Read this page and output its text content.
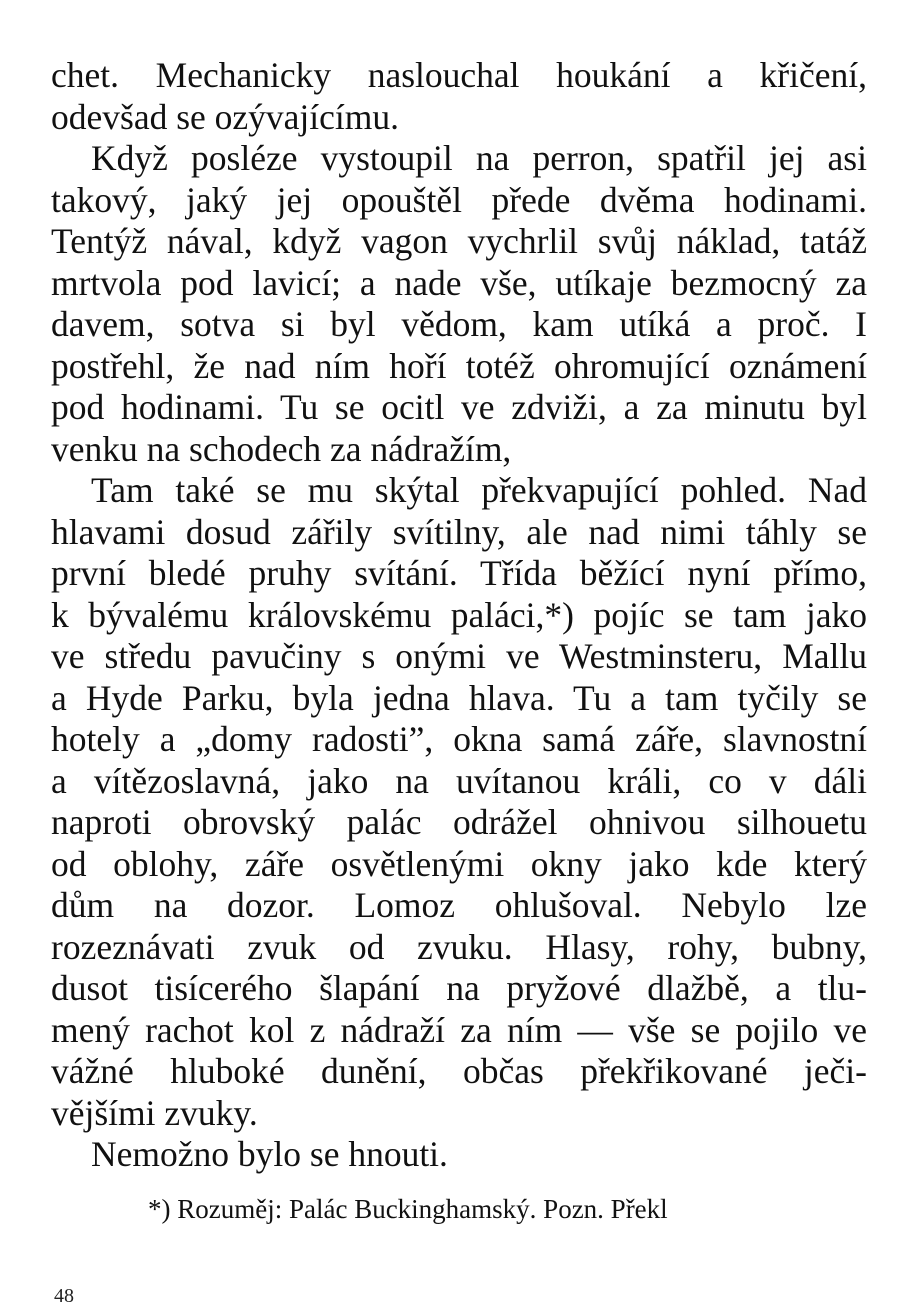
chet. Mechanicky naslouchal houkání a křičení,
odevšad se ozývajícímu.
Když posléze vystoupil na perron, spatřil jej asi
takový, jaký jej opouštěl přede dvěma hodinami.
Tentýž nával, když vagon vychrlil svůj náklad, tatáž
mrtvola pod lavicí; a nade vše, utíkaje bezmocný za
davem, sotva si byl vědom, kam utíká a proč. I
postřehl, že nad ním hoří totéž ohromující oznámení
pod hodinami. Tu se ocitl ve zdviži, a za minutu byl
venku na schodech za nádražím,
Tam také se mu skýtal překvapující pohled. Nad
hlavami dosud zářily svítilny, ale nad nimi táhly se
první bledé pruhy svítání. Třída běžící nyní přímo,
k bývalému královskému paláci,*) pojíc se tam jako
ve středu pavučiny s onými ve Westminsteru, Mallu
a Hyde Parku, byla jedna hlava. Tu a tam tyčily se
hotely a „domy radosti”, okna samá záře, slavnostní
a vítězoslavná, jako na uvítanou králi, co v dáli
naproti obrovský palác odrážel ohnivou silhouetu
od oblohy, záře osvětlenými okny jako kde který
dům na dozor. Lomoz ohlušoval. Nebylo lze
rozeznávati zvuk od zvuku. Hlasy, rohy, bubny,
dusot tisícerého šlapání na pryžové dlažbě, a tlu-
mený rachot kol z nádraží za ním — vše se pojilo ve
vážné hluboké dunění, občas překřikované ječi-
vějšími zvuky.
Nemožno bylo se hnouti.
*) Rozuměj: Palác Buckinghamský. Pozn. Překl
48
